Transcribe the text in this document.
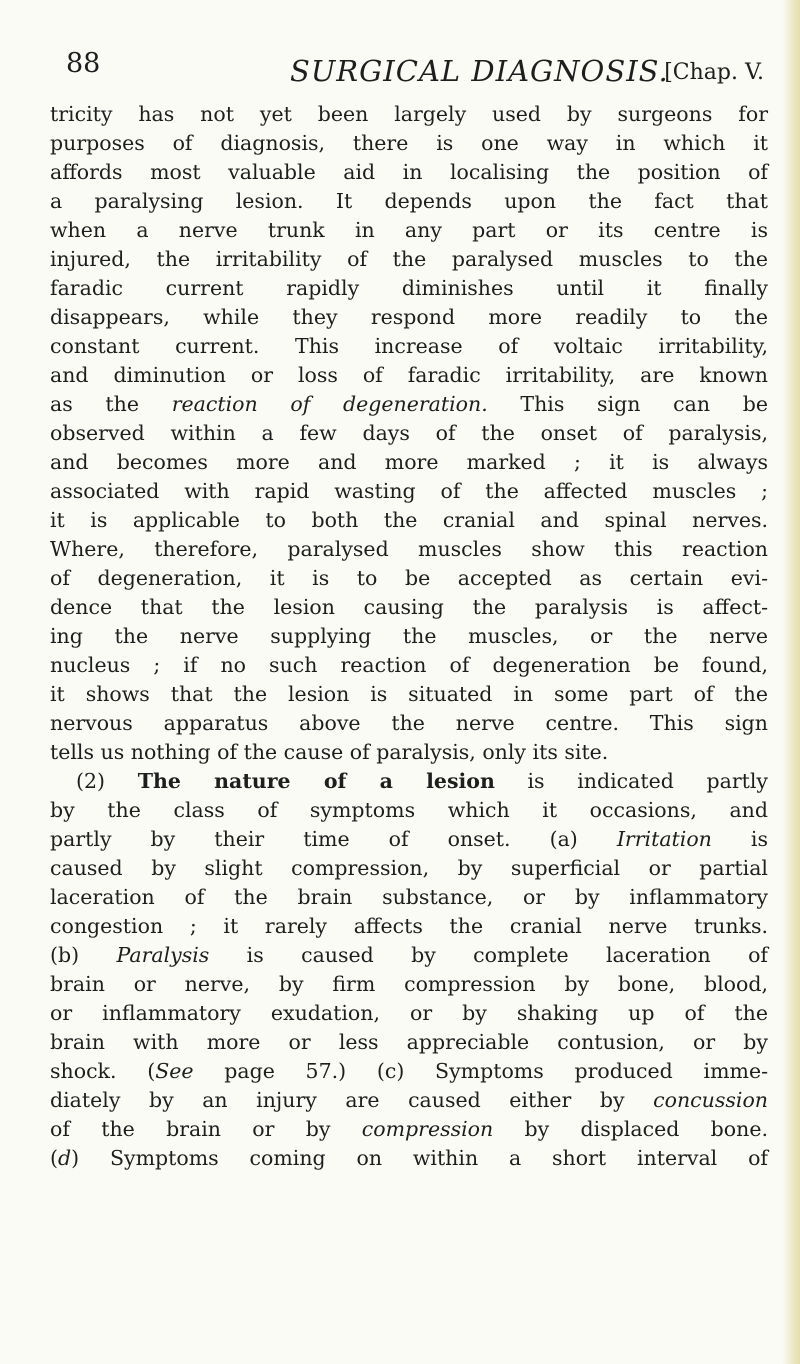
88	SURGICAL DIAGNOSIS.
[Chap. V.
tricity has not yet been largely used by surgeons for
purposes of diagnosis, there is one way in which it
affords most valuable aid in localising the position of
a paralysing lesion. It depends upon the fact that
when a nerve trunk in any part or its centre is
injured, the irritability of the paralysed muscles to the
faradic current rapidly diminishes until it finally
disappears, while they respond more readily to the
constant current. This increase of voltaic irritability,
and diminution or loss of faradic irritability, are known
as the reaction of degeneration. This sign can be
observed within a few days of the onset of paralysis,
and becomes more and more marked ; it is always
associated with rapid wasting of the affected muscles ;
it is applicable to both the cranial and spinal nerves.
Where, therefore, paralysed muscles show this reaction
of degeneration, it is to be accepted as certain evi-
dence that the lesion causing the paralysis is affect-
ing the nerve supplying the muscles, or the nerve
nucleus ; if no such reaction of degeneration be found,
it shows that the lesion is situated in some part of the
nervous apparatus above the nerve centre. This sign
tells us nothing of the cause of paralysis, only its site.
(2) The nature of a lesion is indicated partly
by the class of symptoms which it occasions, and
partly by their time of onset. (a) Irritation is
caused by slight compression, by superficial or partial
laceration of the brain substance, or by inflammatory
congestion ; it rarely affects the cranial nerve trunks.
(b) Paralysis is caused by complete laceration of
brain or nerve, by firm compression by bone, blood,
or inflammatory exudation, or by shaking up of the
brain with more or less appreciable contusion, or by
shock. (See page 57.) (c) Symptoms produced imme-
diately by an injury are caused either by concussion
of the brain or by compression by displaced bone.
(d) Symptoms coming on within a short interval of
